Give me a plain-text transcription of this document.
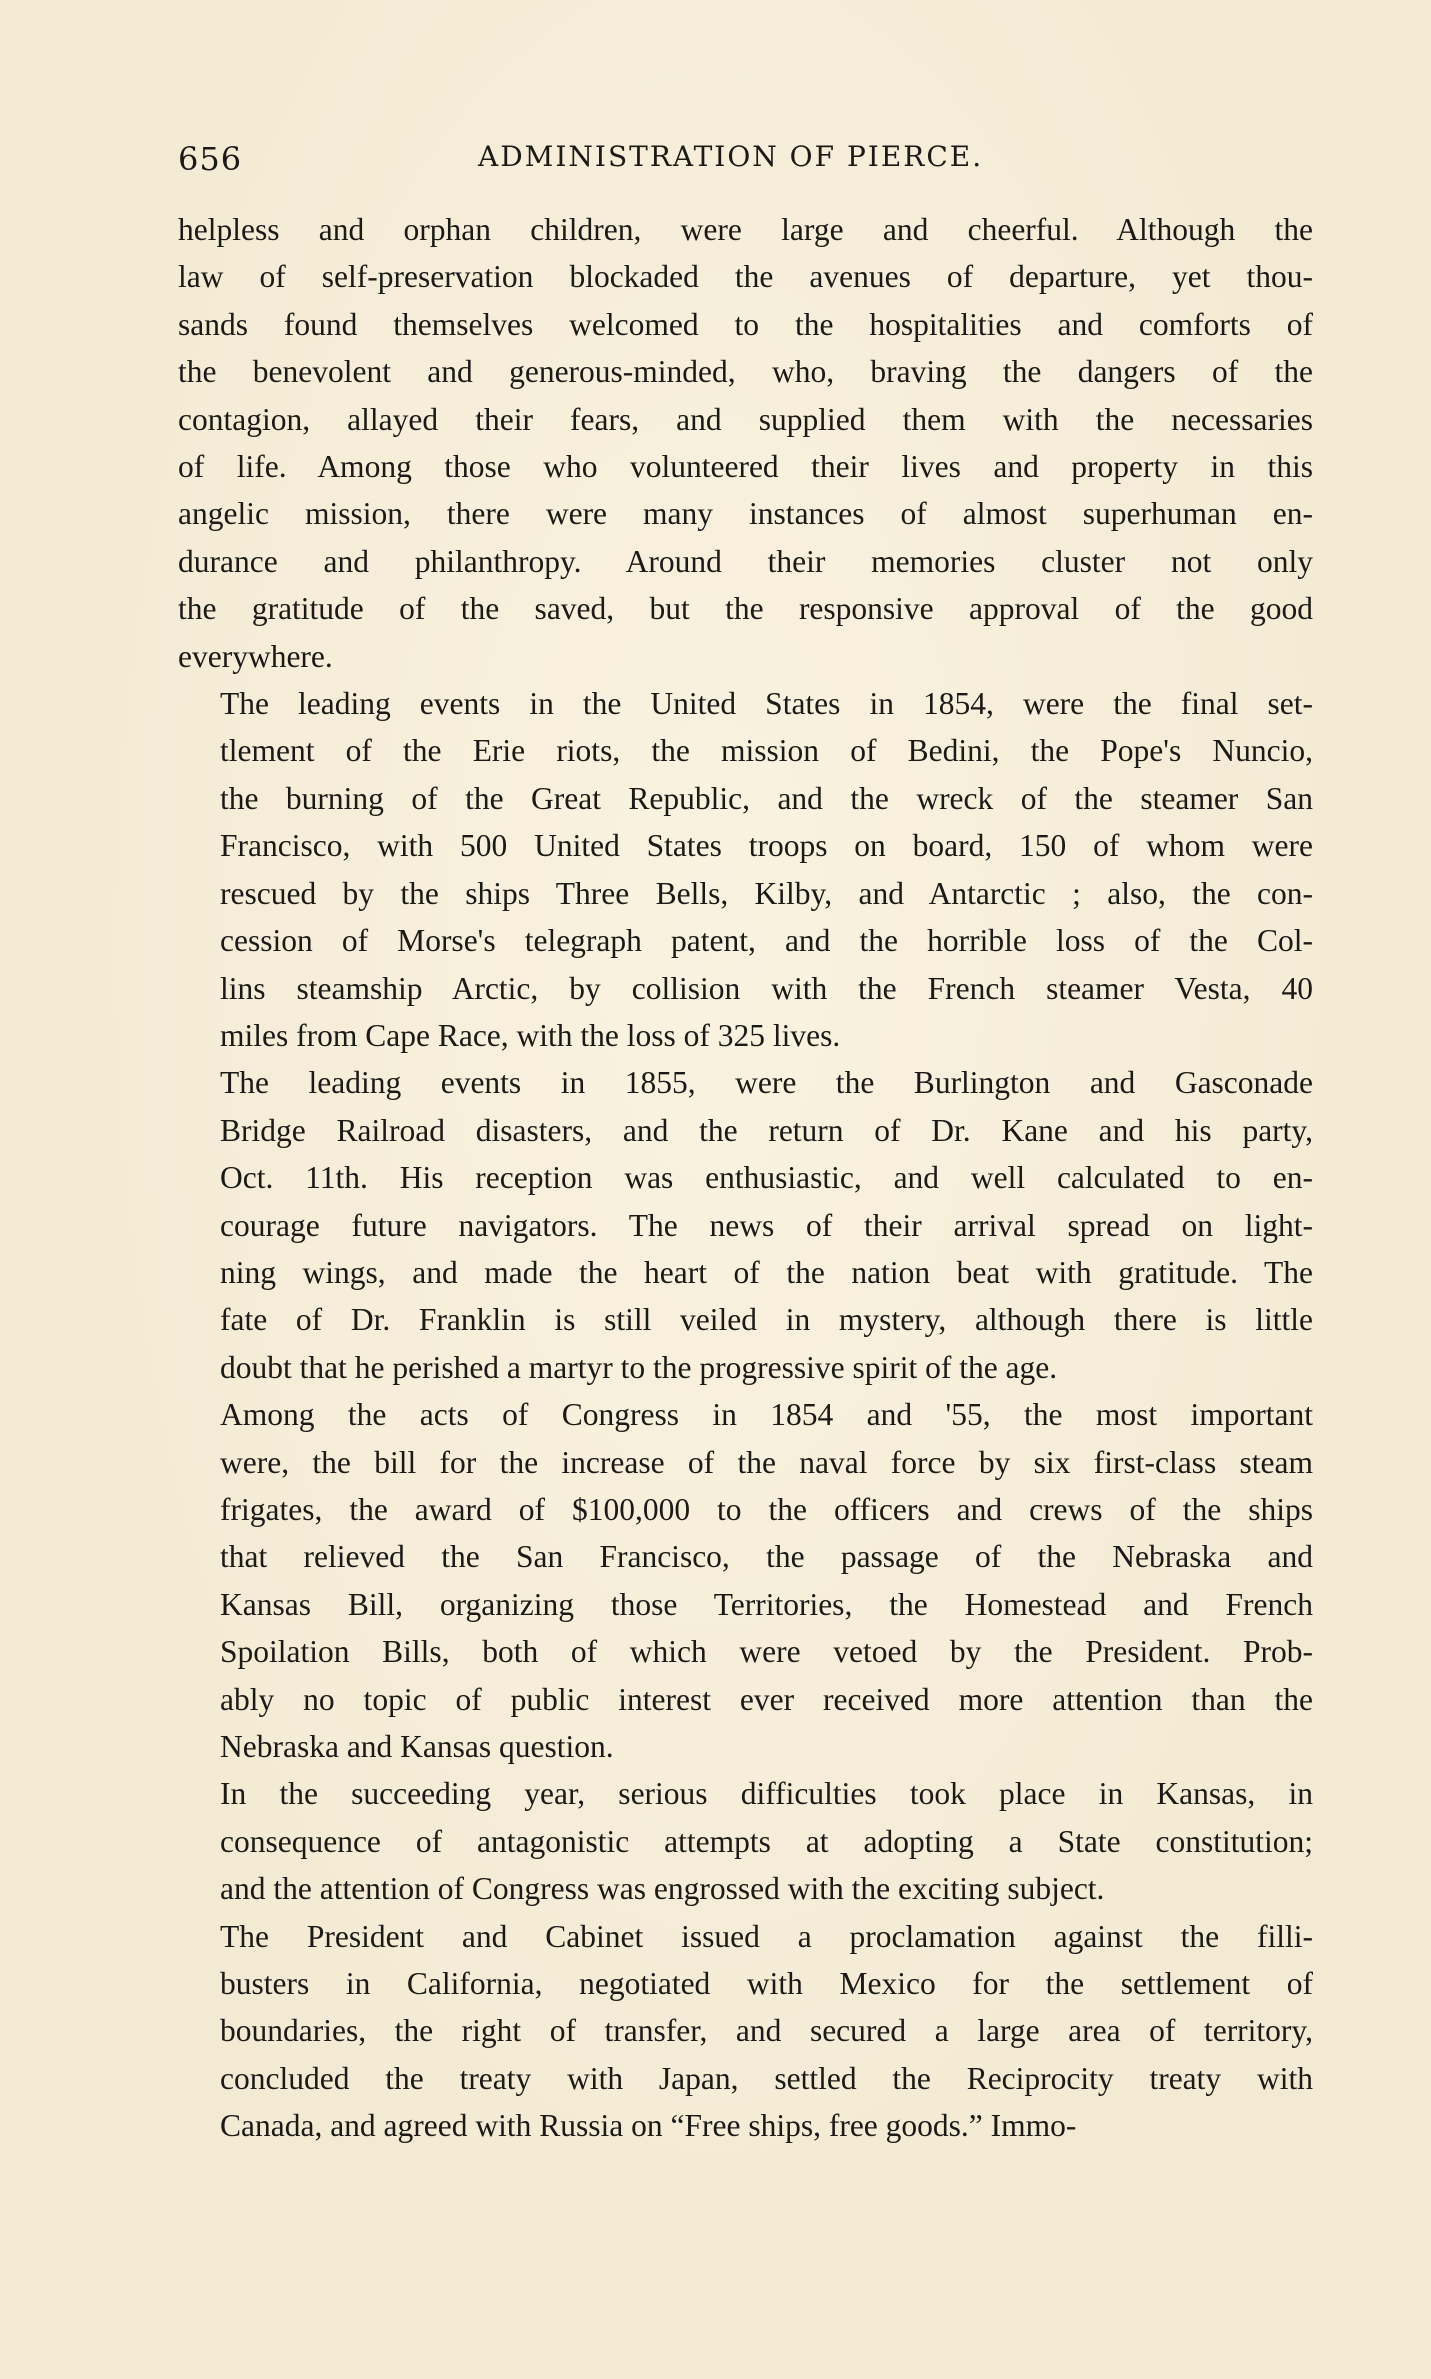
656	ADMINISTRATION OF PIERCE.

helpless and orphan children, were large and cheerful. Although the
law of self-preservation blockaded the avenues of departure, yet thou-
sands found themselves welcomed to the hospitalities and comforts of
the benevolent and generous-minded, who, braving the dangers of the
contagion, allayed their fears, and supplied them with the necessaries
of life. Among those who volunteered their lives and property in this
angelic mission, there were many instances of almost superhuman en-
durance and philanthropy. Around their memories cluster not only
the gratitude of the saved, but the responsive approval of the good
everywhere.

The leading events in the United States in 1854, were the final set-
tlement of the Erie riots, the mission of Bedini, the Pope's Nuncio,
the burning of the Great Republic, and the wreck of the steamer San
Francisco, with 500 United States troops on board, 150 of whom were
rescued by the ships Three Bells, Kilby, and Antarctic ; also, the con-
cession of Morse's telegraph patent, and the horrible loss of the Col-
lins steamship Arctic, by collision with the French steamer Vesta, 40
miles from Cape Race, with the loss of 325 lives.

The leading events in 1855, were the Burlington and Gasconade
Bridge Railroad disasters, and the return of Dr. Kane and his party,
Oct. 11th. His reception was enthusiastic, and well calculated to en-
courage future navigators. The news of their arrival spread on light-
ning wings, and made the heart of the nation beat with gratitude. The
fate of Dr. Franklin is still veiled in mystery, although there is little
doubt that he perished a martyr to the progressive spirit of the age.

Among the acts of Congress in 1854 and '55, the most important
were, the bill for the increase of the naval force by six first-class steam
frigates, the award of $100,000 to the officers and crews of the ships
that relieved the San Francisco, the passage of the Nebraska and
Kansas Bill, organizing those Territories, the Homestead and French
Spoilation Bills, both of which were vetoed by the President. Prob-
ably no topic of public interest ever received more attention than the
Nebraska and Kansas question.

In the succeeding year, serious difficulties took place in Kansas, in
consequence of antagonistic attempts at adopting a State constitution;
and the attention of Congress was engrossed with the exciting subject.

The President and Cabinet issued a proclamation against the filli-
busters in California, negotiated with Mexico for the settlement of
boundaries, the right of transfer, and secured a large area of territory,
concluded the treaty with Japan, settled the Reciprocity treaty with
Canada, and agreed with Russia on “Free ships, free goods.” Immo-
